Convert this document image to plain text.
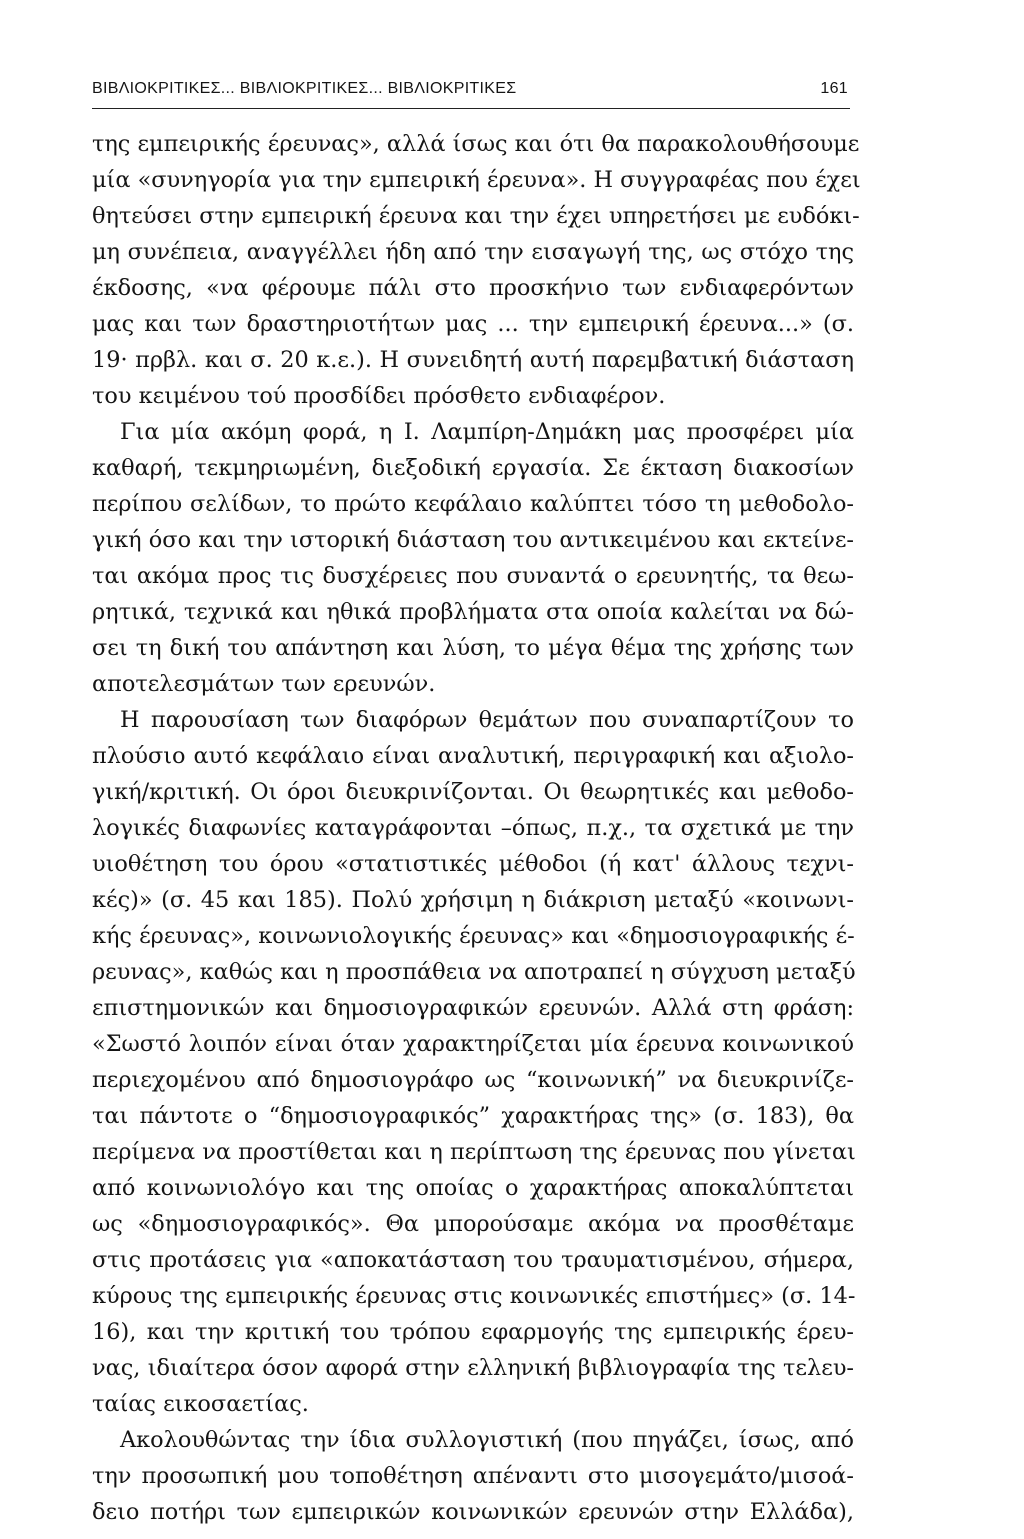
ΒΙΒΛΙΟΚΡΙΤΙΚΕΣ... ΒΙΒΛΙΟΚΡΙΤΙΚΕΣ... ΒΙΒΛΙΟΚΡΙΤΙΚΕΣ	161
της εμπειρικής έρευνας», αλλά ίσως και ότι θα παρακολουθήσουμε
μία «συνηγορία για την εμπειρική έρευνα». Η συγγραφέας που έχει
θητεύσει στην εμπειρική έρευνα και την έχει υπηρετήσει με ευδόκι-
μη συνέπεια, αναγγέλλει ήδη από την εισαγωγή της, ως στόχο της
έκδοσης, «να φέρουμε πάλι στο προσκήνιο των ενδιαφερόντων
μας και των δραστηριοτήτων μας ... την εμπειρική έρευνα...» (σ.
19· πρβλ. και σ. 20 κ.ε.). Η συνειδητή αυτή παρεμβατική διάσταση
του κειμένου τού προσδίδει πρόσθετο ενδιαφέρον.
Για μία ακόμη φορά, η Ι. Λαμπίρη-Δημάκη μας προσφέρει μία
καθαρή, τεκμηριωμένη, διεξοδική εργασία. Σε έκταση διακοσίων
περίπου σελίδων, το πρώτο κεφάλαιο καλύπτει τόσο τη μεθοδολο-
γική όσο και την ιστορική διάσταση του αντικειμένου και εκτείνε-
ται ακόμα προς τις δυσχέρειες που συναντά ο ερευνητής, τα θεω-
ρητικά, τεχνικά και ηθικά προβλήματα στα οποία καλείται να δώ-
σει τη δική του απάντηση και λύση, το μέγα θέμα της χρήσης των
αποτελεσμάτων των ερευνών.
Η παρουσίαση των διαφόρων θεμάτων που συναπαρτίζουν το
πλούσιο αυτό κεφάλαιο είναι αναλυτική, περιγραφική και αξιολο-
γική/κριτική. Οι όροι διευκρινίζονται. Οι θεωρητικές και μεθοδο-
λογικές διαφωνίες καταγράφονται –όπως, π.χ., τα σχετικά με την
υιοθέτηση του όρου «στατιστικές μέθοδοι (ή κατ' άλλους τεχνι-
κές)» (σ. 45 και 185). Πολύ χρήσιμη η διάκριση μεταξύ «κοινωνι-
κής έρευνας», κοινωνιολογικής έρευνας» και «δημοσιογραφικής έ-
ρευνας», καθώς και η προσπάθεια να αποτραπεί η σύγχυση μεταξύ
επιστημονικών και δημοσιογραφικών ερευνών. Αλλά στη φράση:
«Σωστό λοιπόν είναι όταν χαρακτηρίζεται μία έρευνα κοινωνικού
περιεχομένου από δημοσιογράφο ως “κοινωνική” να διευκρινίζε-
ται πάντοτε ο “δημοσιογραφικός” χαρακτήρας της» (σ. 183), θα
περίμενα να προστίθεται και η περίπτωση της έρευνας που γίνεται
από κοινωνιολόγο και της οποίας ο χαρακτήρας αποκαλύπτεται
ως «δημοσιογραφικός». Θα μπορούσαμε ακόμα να προσθέταμε
στις προτάσεις για «αποκατάσταση του τραυματισμένου, σήμερα,
κύρους της εμπειρικής έρευνας στις κοινωνικές επιστήμες» (σ. 14-
16), και την κριτική του τρόπου εφαρμογής της εμπειρικής έρευ-
νας, ιδιαίτερα όσον αφορά στην ελληνική βιβλιογραφία της τελευ-
ταίας εικοσαετίας.
Ακολουθώντας την ίδια συλλογιστική (που πηγάζει, ίσως, από
την προσωπική μου τοποθέτηση απέναντι στο μισογεμάτο/μισοά-
δειο ποτήρι των εμπειρικών κοινωνικών ερευνών στην Ελλάδα),
